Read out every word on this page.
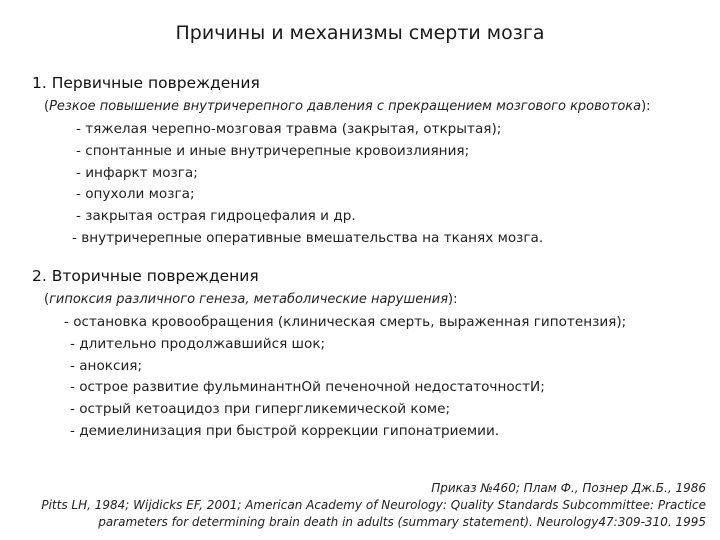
Причины и механизмы смерти мозга
1. Первичные повреждения
(Резкое повышение внутричерепного давления с прекращением мозгового кровотока):
- тяжелая черепно-мозговая травма (закрытая, открытая);
- спонтанные и иные внутричерепные кровоизлияния;
- инфаркт мозга;
- опухоли мозга;
- закрытая острая гидроцефалия и др.
- внутричерепные оперативные вмешательства на тканях мозга.
2. Вторичные повреждения
(гипоксия различного генеза, метаболические нарушения):
- остановка кровообращения (клиническая смерть, выраженная гипотензия);
- длительно продолжавшийся шок;
- аноксия;
- острое развитие фульминантнОй печеночной недостаточностИ;
- острый кетоацидоз при гипергликемической коме;
- демиелинизация при быстрой коррекции гипонатриемии.
Приказ №460; Плам Ф., Познер Дж.Б., 1986
Pitts LH, 1984; Wijdicks EF, 2001; American Academy of Neurology: Quality Standards Subcommittee: Practice
parameters for determining brain death in adults (summary statement). Neurology47:309-310. 1995
